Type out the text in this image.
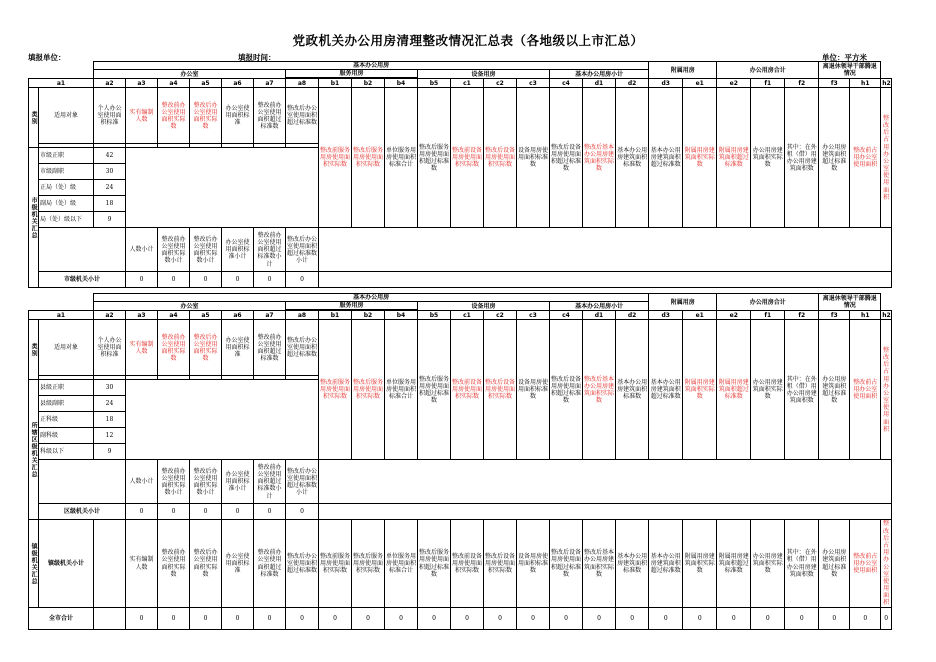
党政机关办公用房清理整改情况汇总表（各地级以上市汇总）
填报单位：	填报时间：	单位：平方米
		基本办公用房																	附属用房		办公用房合计			离退休领导干部腾退情况		
		办公室						服务用房				设备用房				基本办公用房小计										

a1		a2	a3	a4	a5	a6	a7	a8	b1	b2	b4	b5	c1	c2	c3	c4	d1	d2	d3	e1	e2	f1	f2	f3	h1	h2
类别	适用对象	个人办公室使用面积标准	实有编制人数	整改前办公室使用面积实际数	整改后办公室使用面积实际数	办公室使用面积标准	整改前办公室使用面积超过标准数	整改后办公室使用面积超过标准数	整改前服务用房使用面积实际数	整改后服务用房使用面积实际数	单位服务用房使用面积标准合计	整改后服务用房使用面积超过标准数	整改前设备用房使用面积实际数	整改后设备用房使用面积实际数	设备用房使用面积标准数	整改后设备用房使用面积超过标准数	整改后基本办公用房建筑面积实际数	基本办公用房建筑面积标准数	基本办公用房建筑面积超过标准数	附属用房建筑面积实际数	附属用房建筑面积超过标准数	办公用房建筑面积实际数	其中：在外租（借）用办公用房建筑面积数	办公用房建筑面积超过标准数	整改前占用办公室使用面积	整改后占用办公室使用面积

市级机关汇总	市级正职	42																								
	市级副职	30																								
	正局（处）级	24																								
	副局（处）级	18																								
	局（处）级以下	9																								
			人数小计	整改前办公室使用面积实际数小计	整改后办公室使用面积实际数小计	办公室使用面积标准小计	整改前办公室使用面积超过标准数小计	整改后办公室使用面积超过标准数小计																		
	市级机关小计		0	0	0	0	0	0																		
		基本办公用房																	附属用房		办公用房合计			离退休领导干部腾退情况		
		办公室						服务用房				设备用房				基本办公用房小计										

a1		a2	a3	a4	a5	a6	a7	a8	b1	b2	b4	b5	c1	c2	c3	c4	d1	d2	d3	e1	e2	f1	f2	f3	h1	h2
类别	适用对象	个人办公室使用面积标准	实有编制人数	整改前办公室使用面积实际数	整改后办公室使用面积实际数	办公室使用面积标准	整改前办公室使用面积超过标准数	整改后办公室使用面积超过标准数	整改前服务用房使用面积实际数	整改后服务用房使用面积实际数	单位服务用房使用面积标准合计	整改后服务用房使用面积超过标准数	整改前设备用房使用面积实际数	整改后设备用房使用面积实际数	设备用房使用面积标准数	整改后设备用房使用面积超过标准数	整改后基本办公用房建筑面积实际数	基本办公用房建筑面积标准数	基本办公用房建筑面积超过标准数	附属用房建筑面积实际数	附属用房建筑面积超过标准数	办公用房建筑面积实际数	其中：在外租（借）用办公用房建筑面积数	办公用房建筑面积超过标准数	整改前占用办公室使用面积	整改后占用办公室使用面积

所辖区级机关汇总	县级正职	30																								
	县级副职	24																								
	正科级	18																								
	副科级	12																								
	科级以下	9																								
			人数小计	整改前办公室使用面积实际数小计	整改后办公室使用面积实际数小计	办公室使用面积标准小计	整改前办公室使用面积超过标准数小计	整改后办公室使用面积超过标准数小计																		
	区级机关小计		0	0	0	0	0	0																		
镇级机关汇总	镇级机关小计		实有编制人数	整改前办公室使用面积实际数	整改后办公室使用面积实际数	办公室使用面积标准	整改前办公室使用面积超过标准数	整改后办公室使用面积超过标准数	整改前服务用房使用面积实际数	整改后服务用房使用面积实际数	单位服务用房使用面积标准合计	整改后服务用房使用面积超过标准数	整改前设备用房使用面积实际数	整改后设备用房使用面积实际数	设备用房使用面积标准数	整改后设备用房使用面积超过标准数	整改后基本办公用房建筑面积实际数	基本办公用房建筑面积标准数	基本办公用房建筑面积超过标准数	附属用房建筑面积实际数	附属用房建筑面积超过标准数	办公用房建筑面积实际数	其中：在外租（借）用办公用房建筑面积数	办公用房建筑面积超过标准数	整改前占用办公室使用面积	整改后占用办公室使用面积
全市合计			0	0	0	0	0	0	0	0	0	0	0	0	0	0	0	0	0	0	0	0	0	0	0	0
